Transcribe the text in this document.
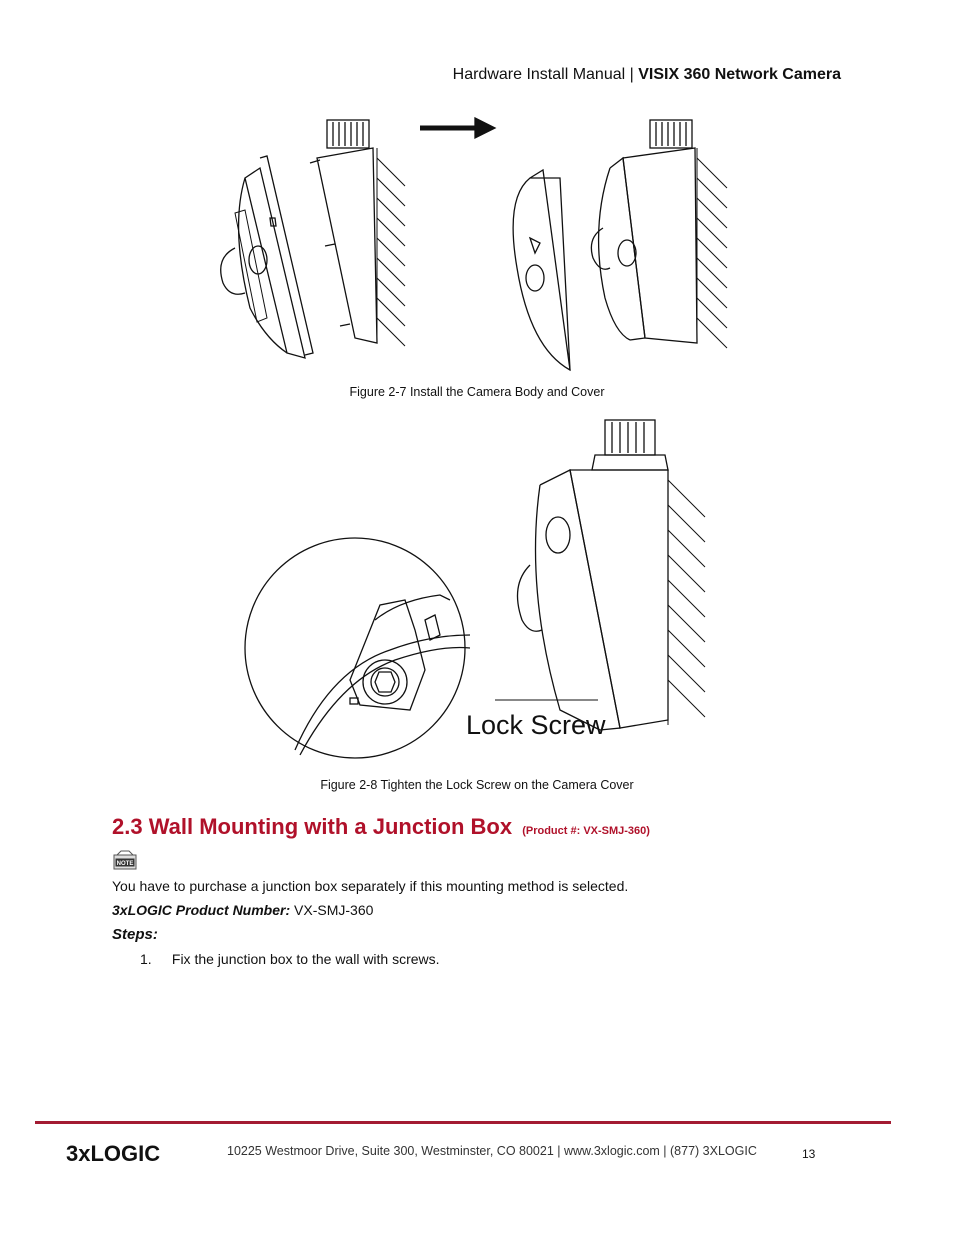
Hardware Install Manual | VISIX 360 Network Camera
Figure 2-7 Install the Camera Body and Cover
Lock Screw
Figure 2-8 Tighten the Lock Screw on the Camera Cover
2.3 Wall Mounting with a Junction Box (Product #: VX-SMJ-360)
NOTE
You have to purchase a junction box separately if this mounting method is selected.
3xLOGIC Product Number: VX-SMJ-360
Steps:
1. Fix the junction box to the wall with screws.
3xLOGIC	10225 Westmoor Drive, Suite 300, Westminster, CO 80021 | www.3xlogic.com | (877) 3XLOGIC	13
